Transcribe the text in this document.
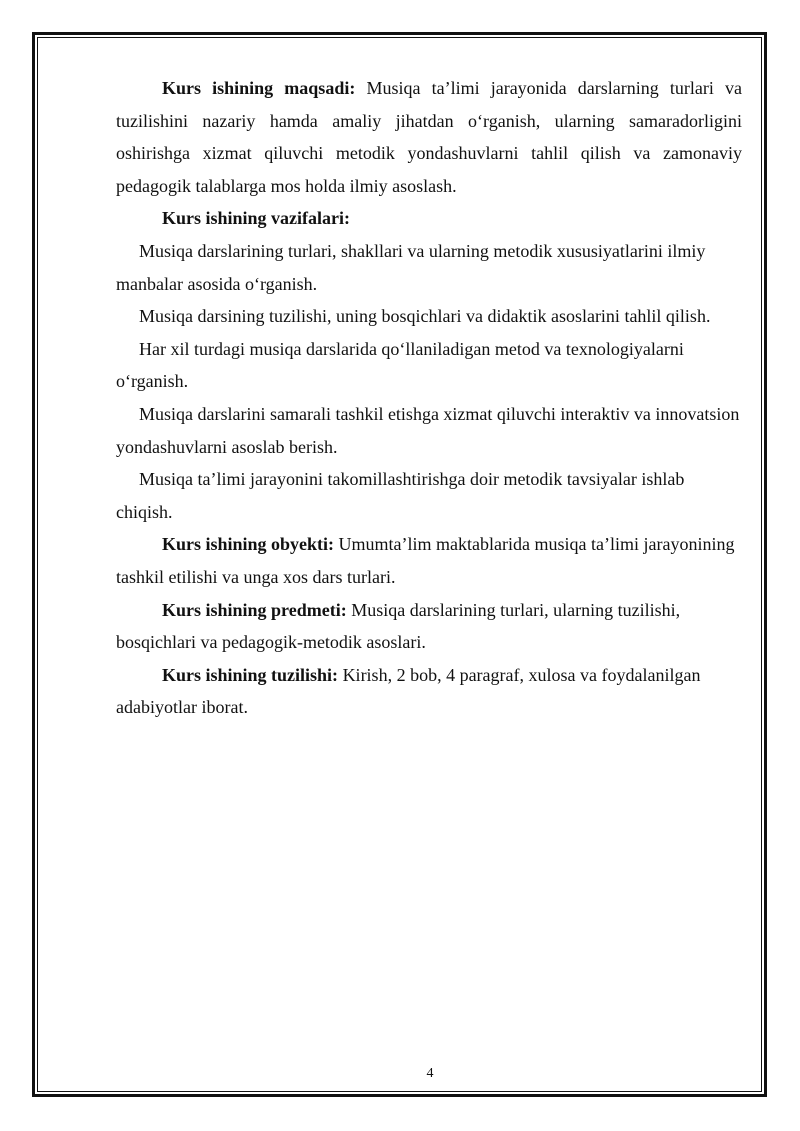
Kurs ishining maqsadi: Musiqa ta’limi jarayonida darslarning turlari va tuzilishini nazariy hamda amaliy jihatdan o‘rganish, ularning samaradorligini oshirishga xizmat qiluvchi metodik yondashuvlarni tahlil qilish va zamonaviy pedagogik talablarga mos holda ilmiy asoslash.

Kurs ishining vazifalari:

Musiqa darslarining turlari, shakllari va ularning metodik xususiyatlarini ilmiy manbalar asosida o‘rganish.

Musiqa darsining tuzilishi, uning bosqichlari va didaktik asoslarini tahlil qilish.

Har xil turdagi musiqa darslarida qo‘llaniladigan metod va texnologiyalarni o‘rganish.

Musiqa darslarini samarali tashkil etishga xizmat qiluvchi interaktiv va innovatsion yondashuvlarni asoslab berish.

Musiqa ta’limi jarayonini takomillashtirishga doir metodik tavsiyalar ishlab chiqish.

Kurs ishining obyekti: Umumta’lim maktablarida musiqa ta’limi jarayonining tashkil etilishi va unga xos dars turlari.

Kurs ishining predmeti: Musiqa darslarining turlari, ularning tuzilishi, bosqichlari va pedagogik-metodik asoslari.

Kurs ishining tuzilishi: Kirish, 2 bob, 4 paragraf, xulosa va foydalanilgan adabiyotlar iborat.

4
